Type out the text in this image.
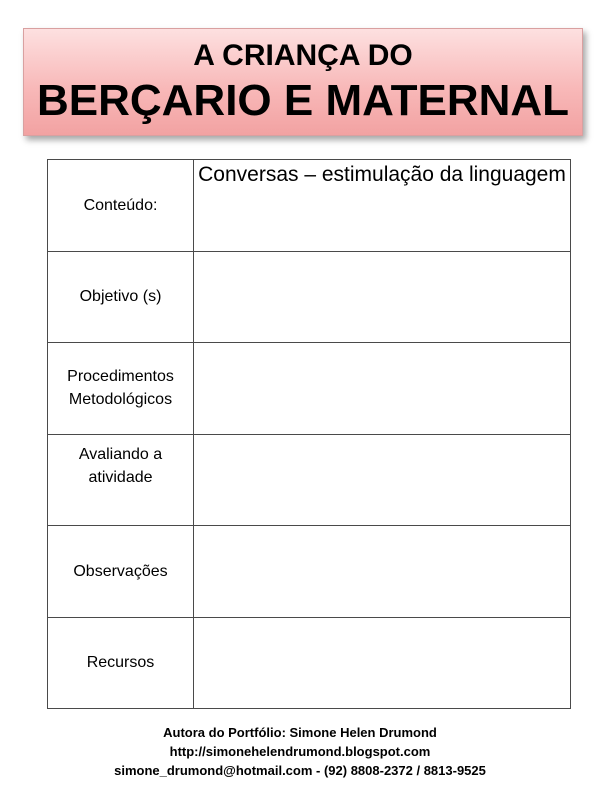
A CRIANÇA DO
BERÇARIO E MATERNAL
Conteúdo:	Conversas – estimulação da linguagem
Objetivo (s)	
Procedimentos Metodológicos	
Avaliando a atividade	
Observações	
Recursos	
Autora do Portfólio: Simone Helen Drumond
http://simonehelendrumond.blogspot.com
simone_drumond@hotmail.com - (92) 8808-2372 / 8813-9525
